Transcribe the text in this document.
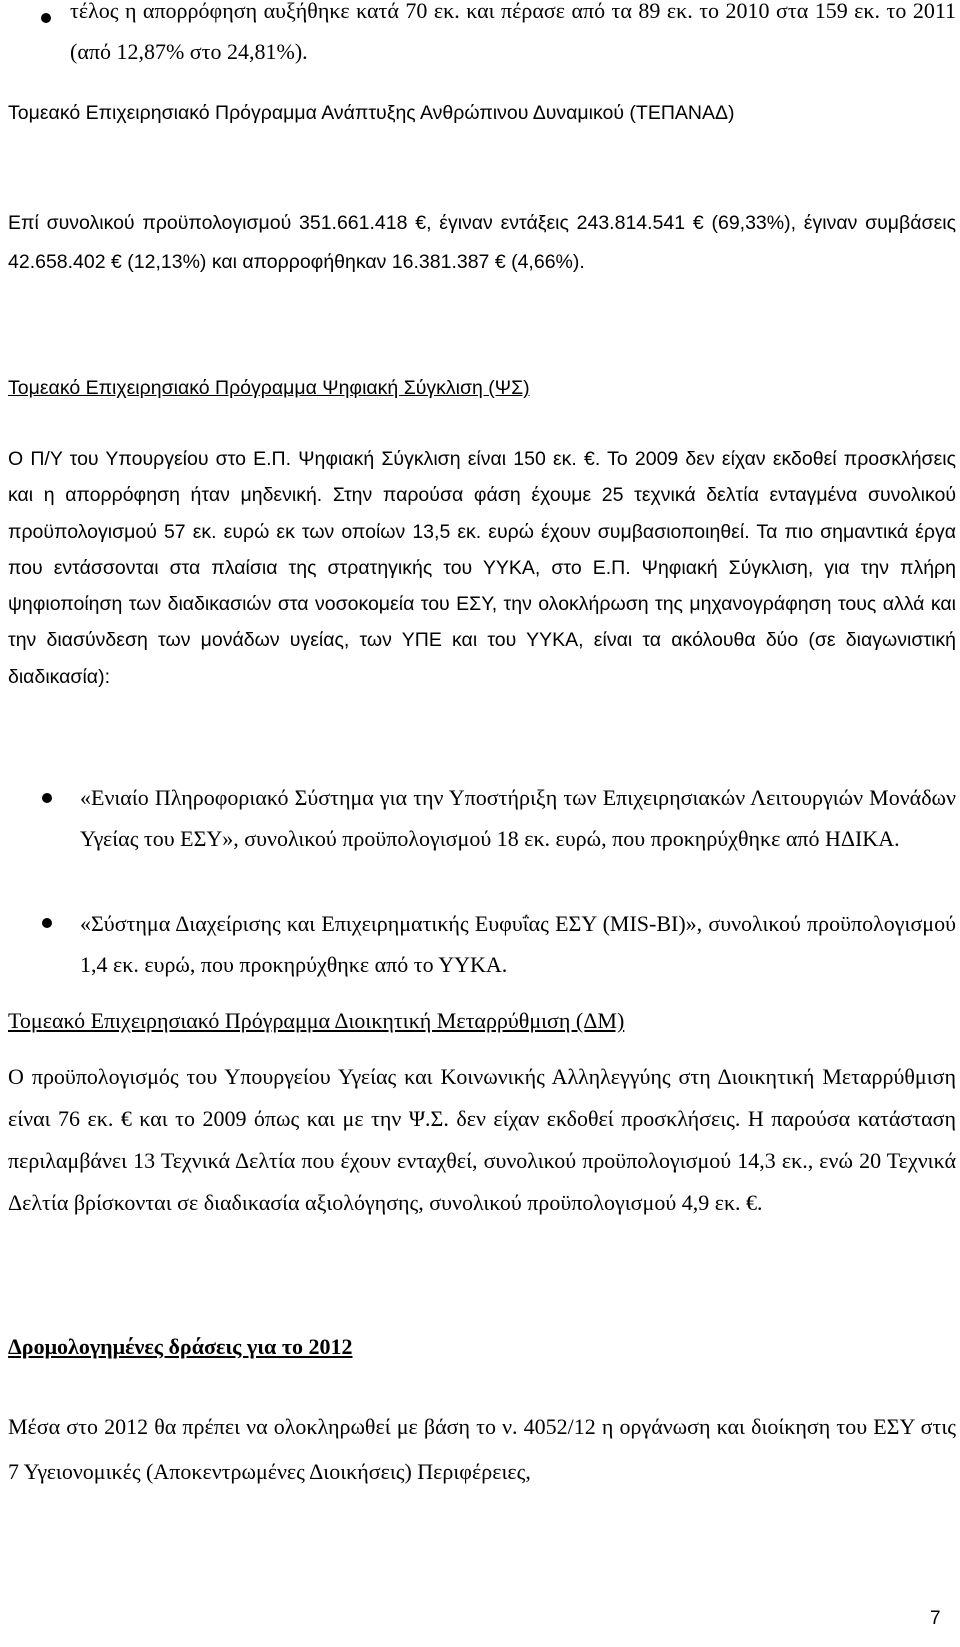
τέλος η απορρόφηση αυξήθηκε κατά 70 εκ. και πέρασε από τα 89 εκ. το 2010 στα 159 εκ. το 2011 (από 12,87% στο 24,81%).

Τομεακό Επιχειρησιακό Πρόγραμμα Ανάπτυξης Ανθρώπινου Δυναμικού (ΤΕΠΑΝΑΔ)

Επί συνολικού προϋπολογισμού 351.661.418 €, έγιναν εντάξεις 243.814.541 € (69,33%), έγιναν συμβάσεις 42.658.402 € (12,13%) και απορροφήθηκαν 16.381.387 € (4,66%).

Τομεακό Επιχειρησιακό Πρόγραμμα Ψηφιακή Σύγκλιση (ΨΣ)

Ο Π/Υ του Υπουργείου στο Ε.Π. Ψηφιακή Σύγκλιση είναι 150 εκ. €. Το 2009 δεν είχαν εκδοθεί προσκλήσεις και η απορρόφηση ήταν μηδενική. Στην παρούσα φάση έχουμε 25 τεχνικά δελτία ενταγμένα συνολικού προϋπολογισμού 57 εκ. ευρώ εκ των οποίων 13,5 εκ. ευρώ έχουν συμβασιοποιηθεί. Τα πιο σημαντικά έργα που εντάσσονται στα πλαίσια της στρατηγικής του ΥΥΚΑ, στο Ε.Π. Ψηφιακή Σύγκλιση, για την πλήρη ψηφιοποίηση των διαδικασιών στα νοσοκομεία του ΕΣΥ, την ολοκλήρωση της μηχανογράφηση τους αλλά και την διασύνδεση των μονάδων υγείας, των ΥΠΕ και του ΥΥΚΑ, είναι τα ακόλουθα δύο (σε διαγωνιστική διαδικασία):

«Ενιαίο Πληροφοριακό Σύστημα για την Υποστήριξη των Επιχειρησιακών Λειτουργιών Μονάδων Υγείας του ΕΣΥ», συνολικού προϋπολογισμού 18 εκ. ευρώ, που προκηρύχθηκε από ΗΔΙΚΑ.

«Σύστημα Διαχείρισης και Επιχειρηματικής Ευφυΐας ΕΣΥ (MIS-BI)», συνολικού προϋπολογισμού 1,4 εκ. ευρώ, που προκηρύχθηκε από το ΥΥΚΑ.

Τομεακό Επιχειρησιακό Πρόγραμμα Διοικητική Μεταρρύθμιση (ΔΜ)

Ο προϋπολογισμός του Υπουργείου Υγείας και Κοινωνικής Αλληλεγγύης στη Διοικητική Μεταρρύθμιση είναι 76 εκ. € και το 2009 όπως και με την Ψ.Σ. δεν είχαν εκδοθεί προσκλήσεις. Η παρούσα κατάσταση περιλαμβάνει 13 Τεχνικά Δελτία που έχουν ενταχθεί, συνολικού προϋπολογισμού 14,3 εκ., ενώ 20 Τεχνικά Δελτία βρίσκονται σε διαδικασία αξιολόγησης, συνολικού προϋπολογισμού 4,9 εκ. €.

Δρομολογημένες δράσεις για το 2012

Μέσα στο 2012 θα πρέπει να ολοκληρωθεί με βάση το ν. 4052/12 η οργάνωση και διοίκηση του ΕΣΥ στις 7 Υγειονομικές (Αποκεντρωμένες Διοικήσεις) Περιφέρειες,

7
